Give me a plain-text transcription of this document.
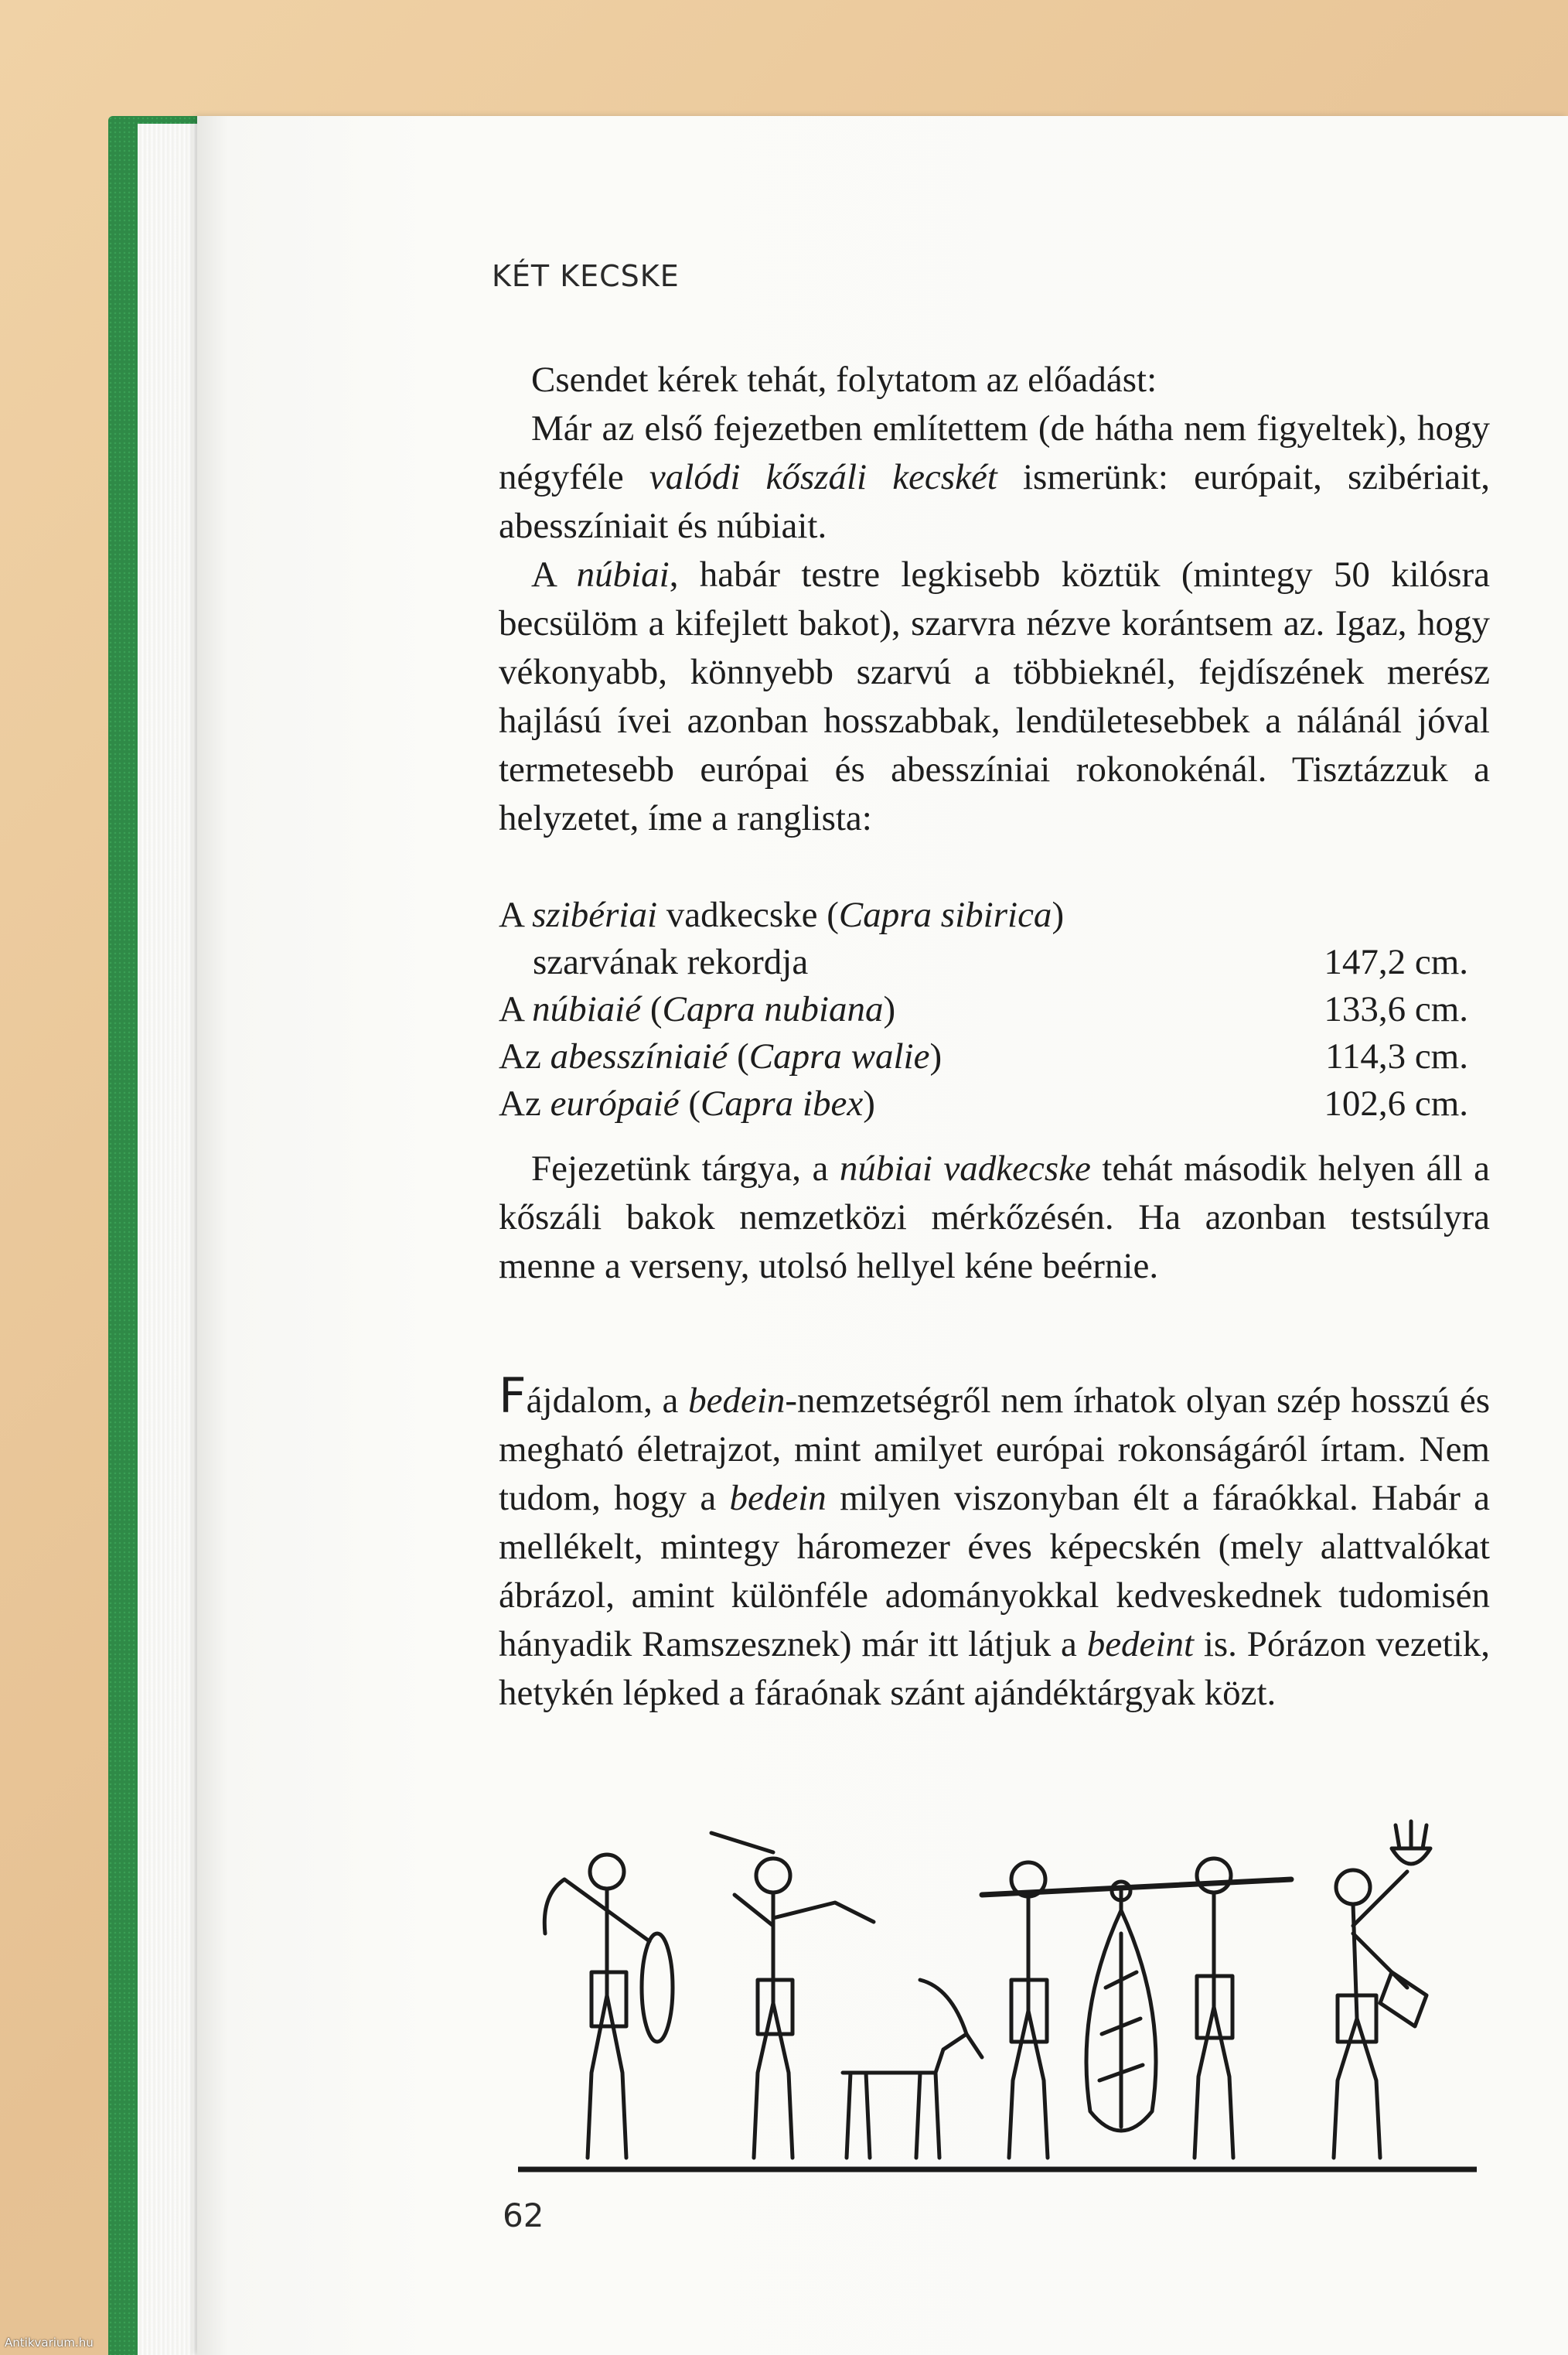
KÉT KECSKE

Csendet kérek tehát, folytatom az előadást:

Már az első fejezetben említettem (de hátha nem figyeltek), hogy négyféle valódi kőszáli kecskét ismerünk: európait, szibériait, abesszíniait és núbiait.

A núbiai, habár testre legkisebb köztük (mintegy 50 kilósra becsülöm a kifejlett bakot), szarvra nézve korántsem az. Igaz, hogy vékonyabb, könnyebb szarvú a többieknél, fejdíszének merész hajlású ívei azonban hosszabbak, lendületesebbek a nálánál jóval termetesebb európai és abesszíniai rokonokénál. Tisztázzuk a helyzetet, íme a ranglista:

A szibériai vadkecske (Capra sibirica)
szarvának rekordja	147,2 cm.
A núbiaié (Capra nubiana)	133,6 cm.
Az abesszíniaié (Capra walie)	114,3 cm.
Az európaié (Capra ibex)	102,6 cm.

Fejezetünk tárgya, a núbiai vadkecske tehát második helyen áll a kőszáli bakok nemzetközi mérkőzésén. Ha azonban testsúlyra menne a verseny, utolsó hellyel kéne beérnie.

Fájdalom, a bedein-nemzetségről nem írhatok olyan szép hosszú és megható életrajzot, mint amilyet európai rokonságáról írtam. Nem tudom, hogy a bedein milyen viszonyban élt a fáraókkal. Habár a mellékelt, mintegy háromezer éves képecskén (mely alattvalókat ábrázol, amint különféle adományokkal kedveskednek tudomisén hányadik Ramszesznek) már itt látjuk a bedeint is. Pórázon vezetik, hetykén lépked a fáraónak szánt ajándéktárgyak közt.

62
Antikvarium.hu
